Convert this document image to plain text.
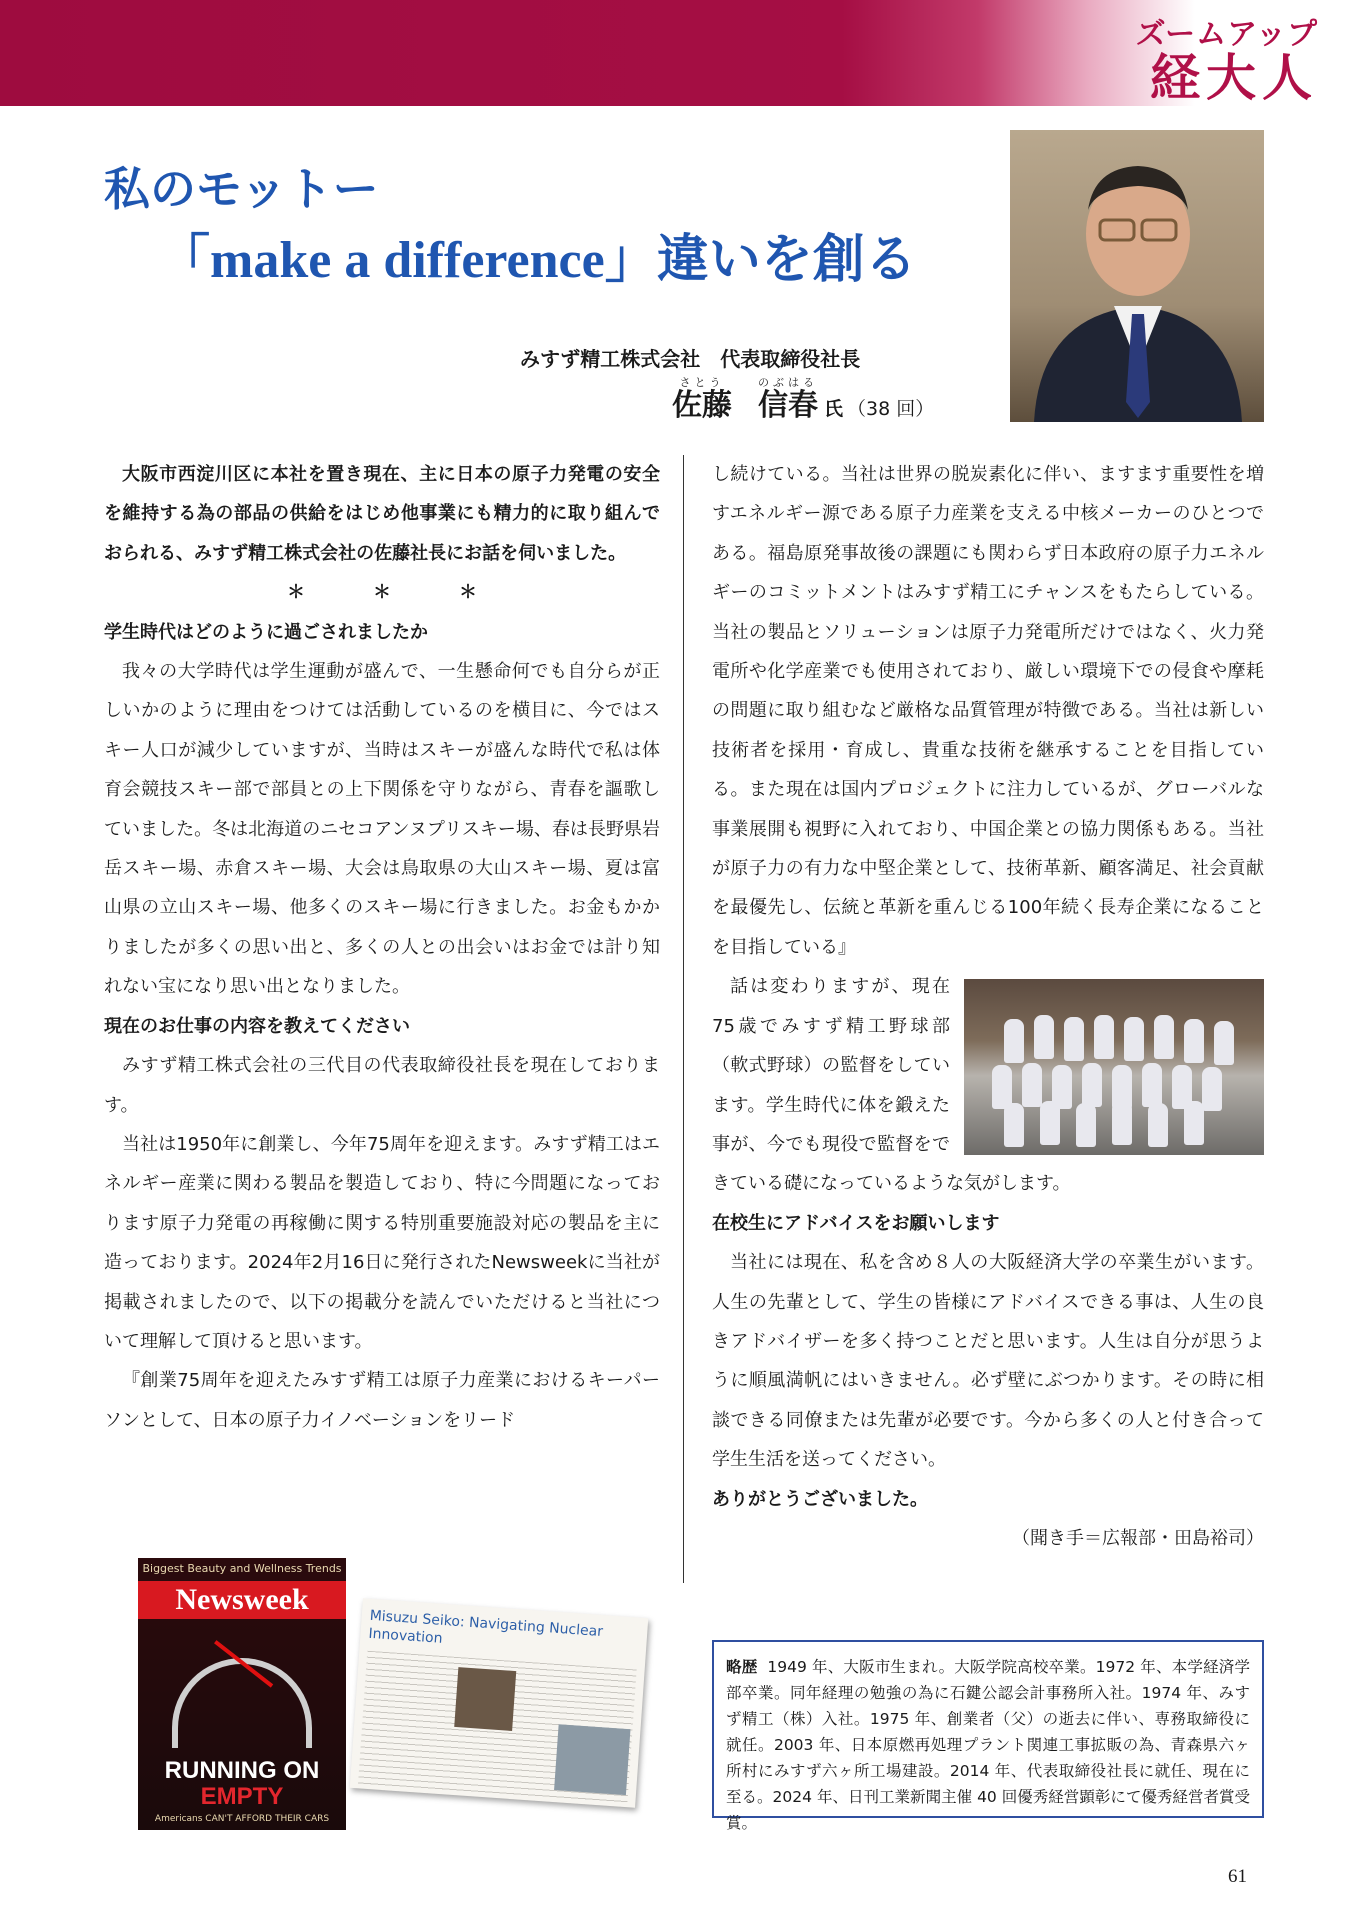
ズームアップ
経大人
私のモットー
「make a difference」違いを創る
みすず精工株式会社　代表取締役社長
さとう
佐藤
のぶはる
信春 氏 （38 回）
大阪市西淀川区に本社を置き現在、主に日本の原子力発電の安全を維持する為の部品の供給をはじめ他事業にも精力的に取り組んでおられる、みすず精工株式会社の佐藤社長にお話を伺いました。
＊＊＊
学生時代はどのように過ごされましたか
我々の大学時代は学生運動が盛んで、一生懸命何でも自分らが正しいかのように理由をつけては活動しているのを横目に、今ではスキー人口が減少していますが、当時はスキーが盛んな時代で私は体育会競技スキー部で部員との上下関係を守りながら、青春を謳歌していました。冬は北海道のニセコアンヌプリスキー場、春は長野県岩岳スキー場、赤倉スキー場、大会は鳥取県の大山スキー場、夏は富山県の立山スキー場、他多くのスキー場に行きました。お金もかかりましたが多くの思い出と、多くの人との出会いはお金では計り知れない宝になり思い出となりました。
現在のお仕事の内容を教えてください
みすず精工株式会社の三代目の代表取締役社長を現在しております。
当社は1950年に創業し、今年75周年を迎えます。みすず精工はエネルギー産業に関わる製品を製造しており、特に今問題になっております原子力発電の再稼働に関する特別重要施設対応の製品を主に造っております。2024年2月16日に発行されたNewsweekに当社が掲載されましたので、以下の掲載分を読んでいただけると当社について理解して頂けると思います。
『創業75周年を迎えたみすず精工は原子力産業におけるキーパーソンとして、日本の原子力イノベーションをリード
し続けている。当社は世界の脱炭素化に伴い、ますます重要性を増すエネルギー源である原子力産業を支える中核メーカーのひとつである。福島原発事故後の課題にも関わらず日本政府の原子力エネルギーのコミットメントはみすず精工にチャンスをもたらしている。当社の製品とソリューションは原子力発電所だけではなく、火力発電所や化学産業でも使用されており、厳しい環境下での侵食や摩耗の問題に取り組むなど厳格な品質管理が特徴である。当社は新しい技術者を採用・育成し、貴重な技術を継承することを目指している。また現在は国内プロジェクトに注力しているが、グローバルな事業展開も視野に入れており、中国企業との協力関係もある。当社が原子力の有力な中堅企業として、技術革新、顧客満足、社会貢献を最優先し、伝統と革新を重んじる100年続く長寿企業になることを目指している』
話は変わりますが、現在75歳でみすず精工野球部（軟式野球）の監督をしています。学生時代に体を鍛えた事が、今でも現役で監督をできている礎になっているような気がします。
在校生にアドバイスをお願いします
当社には現在、私を含め８人の大阪経済大学の卒業生がいます。人生の先輩として、学生の皆様にアドバイスできる事は、人生の良きアドバイザーを多く持つことだと思います。人生は自分が思うように順風満帆にはいきません。必ず壁にぶつかります。その時に相談できる同僚または先輩が必要です。今から多くの人と付き合って学生生活を送ってください。
ありがとうございました。
（聞き手＝広報部・田島裕司）
Biggest Beauty and Wellness Trends
Newsweek
RUNNING ON
EMPTY
Americans CAN'T AFFORD THEIR CARS
Misuzu Seiko: Navigating Nuclear Innovation
略歴 1949 年、大阪市生まれ。大阪学院高校卒業。1972 年、本学経済学部卒業。同年経理の勉強の為に石鍵公認会計事務所入社。1974 年、みすず精工（株）入社。1975 年、創業者（父）の逝去に伴い、専務取締役に就任。2003 年、日本原燃再処理プラント関連工事拡販の為、青森県六ヶ所村にみすず六ヶ所工場建設。2014 年、代表取締役社長に就任、現在に至る。2024 年、日刊工業新聞主催 40 回優秀経営顕彰にて優秀経営者賞受賞。
61
